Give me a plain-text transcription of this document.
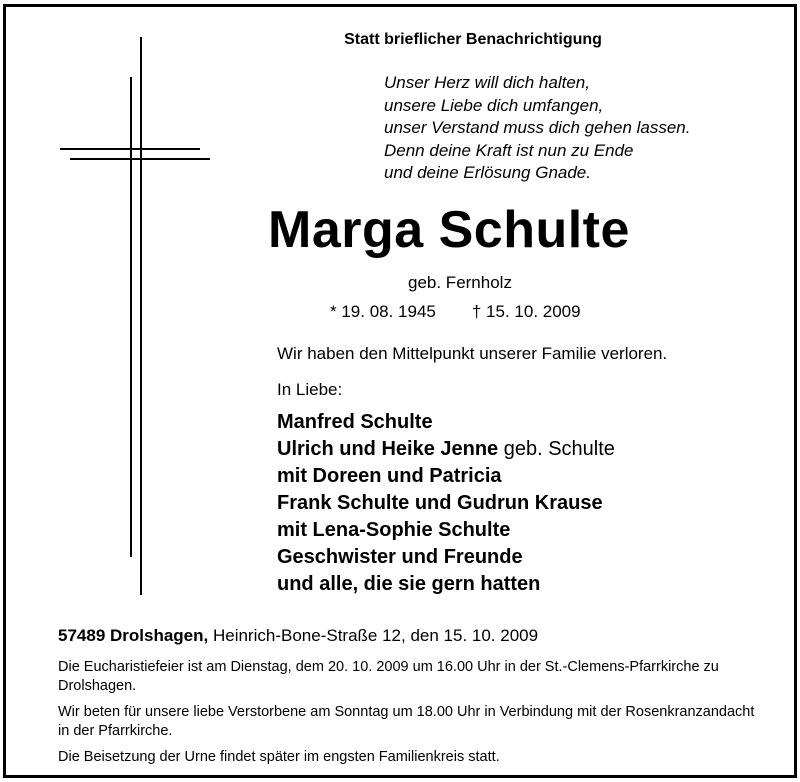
Statt brieflicher Benachrichtigung
Unser Herz will dich halten,
unsere Liebe dich umfangen,
unser Verstand muss dich gehen lassen.
Denn deine Kraft ist nun zu Ende
und deine Erlösung Gnade.
Marga Schulte
geb. Fernholz
* 19. 08. 1945 † 15. 10. 2009
Wir haben den Mittelpunkt unserer Familie verloren.
In Liebe:
Manfred Schulte
Ulrich und Heike Jenne geb. Schulte
mit Doreen und Patricia
Frank Schulte und Gudrun Krause
mit Lena-Sophie Schulte
Geschwister und Freunde
und alle, die sie gern hatten
57489 Drolshagen, Heinrich-Bone-Straße 12, den 15. 10. 2009
Die Eucharistiefeier ist am Dienstag, dem 20. 10. 2009 um 16.00 Uhr in der St.-Clemens-Pfarrkirche zu Drolshagen.
Wir beten für unsere liebe Verstorbene am Sonntag um 18.00 Uhr in Verbindung mit der Rosenkranzandacht in der Pfarrkirche.
Die Beisetzung der Urne findet später im engsten Familienkreis statt.
